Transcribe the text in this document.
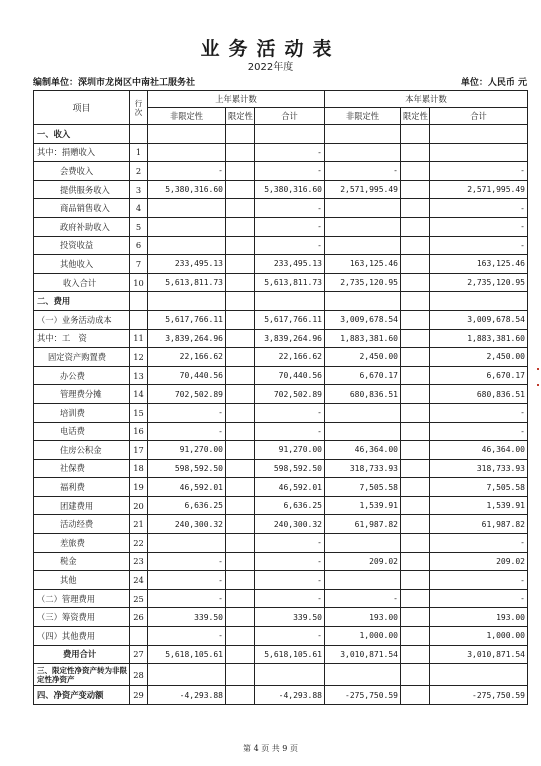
业务活动表
2022年度
编制单位：深圳市龙岗区中南社工服务社	单位：人民币 元
项目	行次	上年累计数			本年累计数		
		非限定性	限定性	合计	非限定性	限定性	合计
一、收入							
其中：捐赠收入	1			-			
会费收入	2	-		-	-		-
提供服务收入	3	5,380,316.60		5,380,316.60	2,571,995.49		2,571,995.49
商品销售收入	4			-			-
政府补助收入	5			-			-
投资收益	6			-			-
其他收入	7	233,495.13		233,495.13	163,125.46		163,125.46
收入合计	10	5,613,811.73		5,613,811.73	2,735,120.95		2,735,120.95
二、费用							
（一）业务活动成本		5,617,766.11		5,617,766.11	3,009,678.54		3,009,678.54
其中：工　资	11	3,839,264.96		3,839,264.96	1,883,381.60		1,883,381.60
固定资产购置费	12	22,166.62		22,166.62	2,450.00		2,450.00
办公费	13	70,440.56		70,440.56	6,670.17		6,670.17
管理费分摊	14	702,502.89		702,502.89	680,836.51		680,836.51
培训费	15	-		-			-
电话费	16	-		-			-
住房公积金	17	91,270.00		91,270.00	46,364.00		46,364.00
社保费	18	598,592.50		598,592.50	318,733.93		318,733.93
福利费	19	46,592.01		46,592.01	7,505.58		7,505.58
团建费用	20	6,636.25		6,636.25	1,539.91		1,539.91
活动经费	21	240,300.32		240,300.32	61,987.82		61,987.82
差旅费	22			-			-
税金	23	-		-	209.02		209.02
其他	24	-		-			-
（二）管理费用	25	-		-	-		-
（三）筹资费用	26	339.50		339.50	193.00		193.00
（四）其他费用		-		-	1,000.00		1,000.00
费用合计	27	5,618,105.61		5,618,105.61	3,010,871.54		3,010,871.54
三、限定性净资产转为非限定性净资产	28						
四、净资产变动额	29	-4,293.88		-4,293.88	-275,750.59		-275,750.59
第 4 页 共 9 页
